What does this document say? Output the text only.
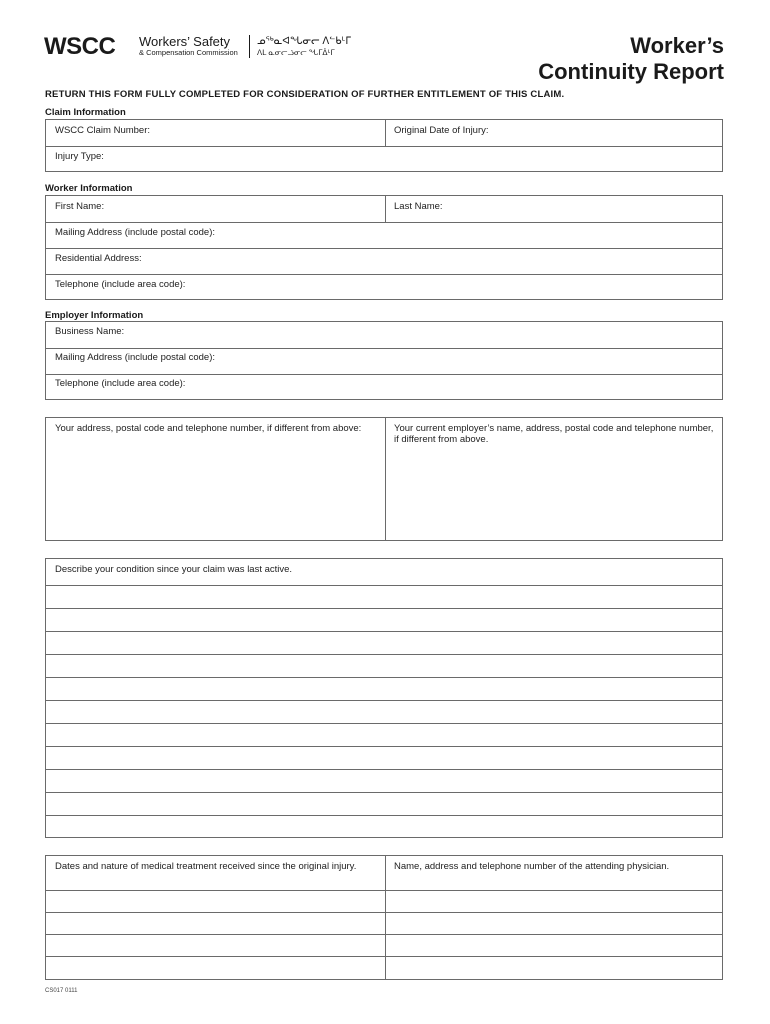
WSCC Workers’ Safety
& Compensation Commission
ᓄᖅᓇᐊᖓᓂᓕ ᐱᓪᑲᒻᒥ
ᐱᒪ ᓇᓂᓕᓘᓂᓕ ᖓᒥᐄᒻᒥ	Worker’s
Continuity Report
RETURN THIS FORM FULLY COMPLETED FOR CONSIDERATION OF FURTHER ENTITLEMENT OF THIS CLAIM.
Claim Information
WSCC Claim Number:	Original Date of Injury:
Injury Type:
Worker Information
First Name:	Last Name:
Mailing Address (include postal code):
Residential Address:
Telephone (include area code):
Employer Information
Business Name:
Mailing Address (include postal code):
Telephone (include area code):
Your address, postal code and telephone number, if different from above:	Your current employer’s name, address, postal code and telephone number, if different from above.
Describe your condition since your claim was last active.
Dates and nature of medical treatment received since the original injury.	Name, address and telephone number of the attending physician.
CS017 0111
